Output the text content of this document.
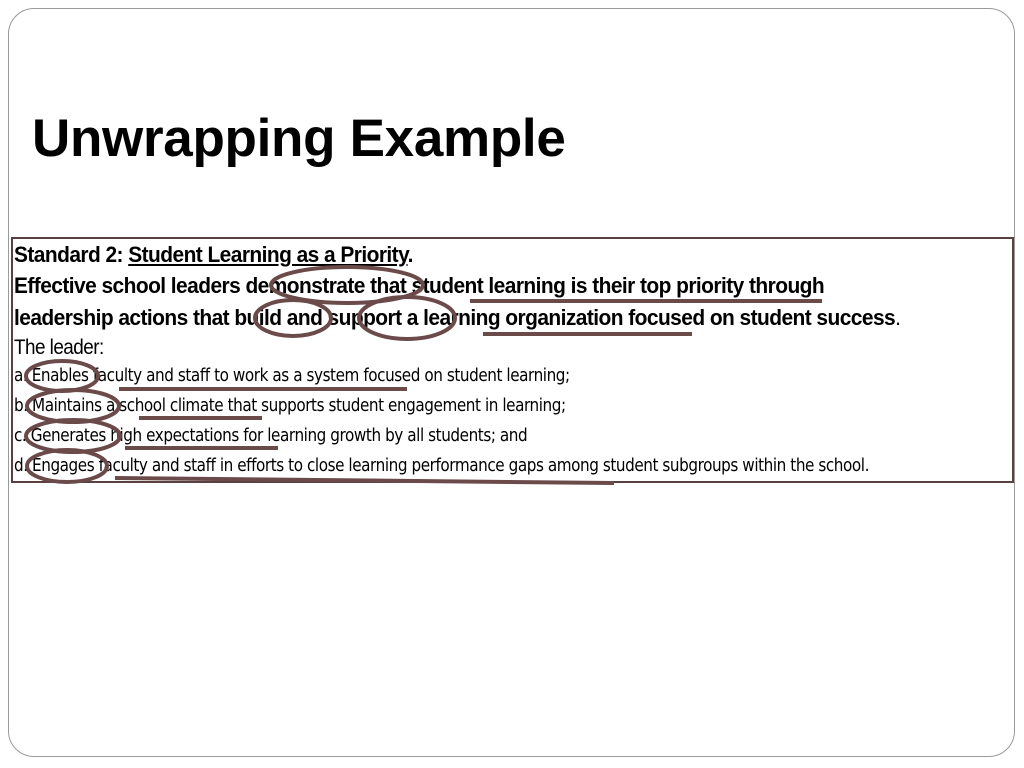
Unwrapping Example
Standard 2: Student Learning as a Priority.
Effective school leaders demonstrate that student learning is their top priority through
leadership actions that build and support a learning organization focused on student success.
The leader:
a. Enables faculty and staff to work as a system focused on student learning;
b. Maintains a school climate that supports student engagement in learning;
c. Generates high expectations for learning growth by all students; and
d. Engages faculty and staff in efforts to close learning performance gaps among student subgroups within the school.
